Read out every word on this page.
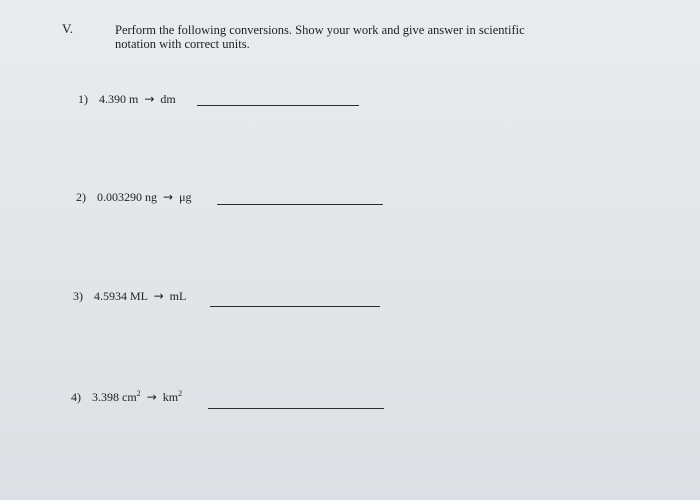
V.	Perform the following conversions. Show your work and give answer in scientific
notation with correct units.
1) 4.390 m → dm
2) 0.003290 ng → μg
3) 4.5934 ML → mL
4) 3.398 $cm^2 \to km^2$
